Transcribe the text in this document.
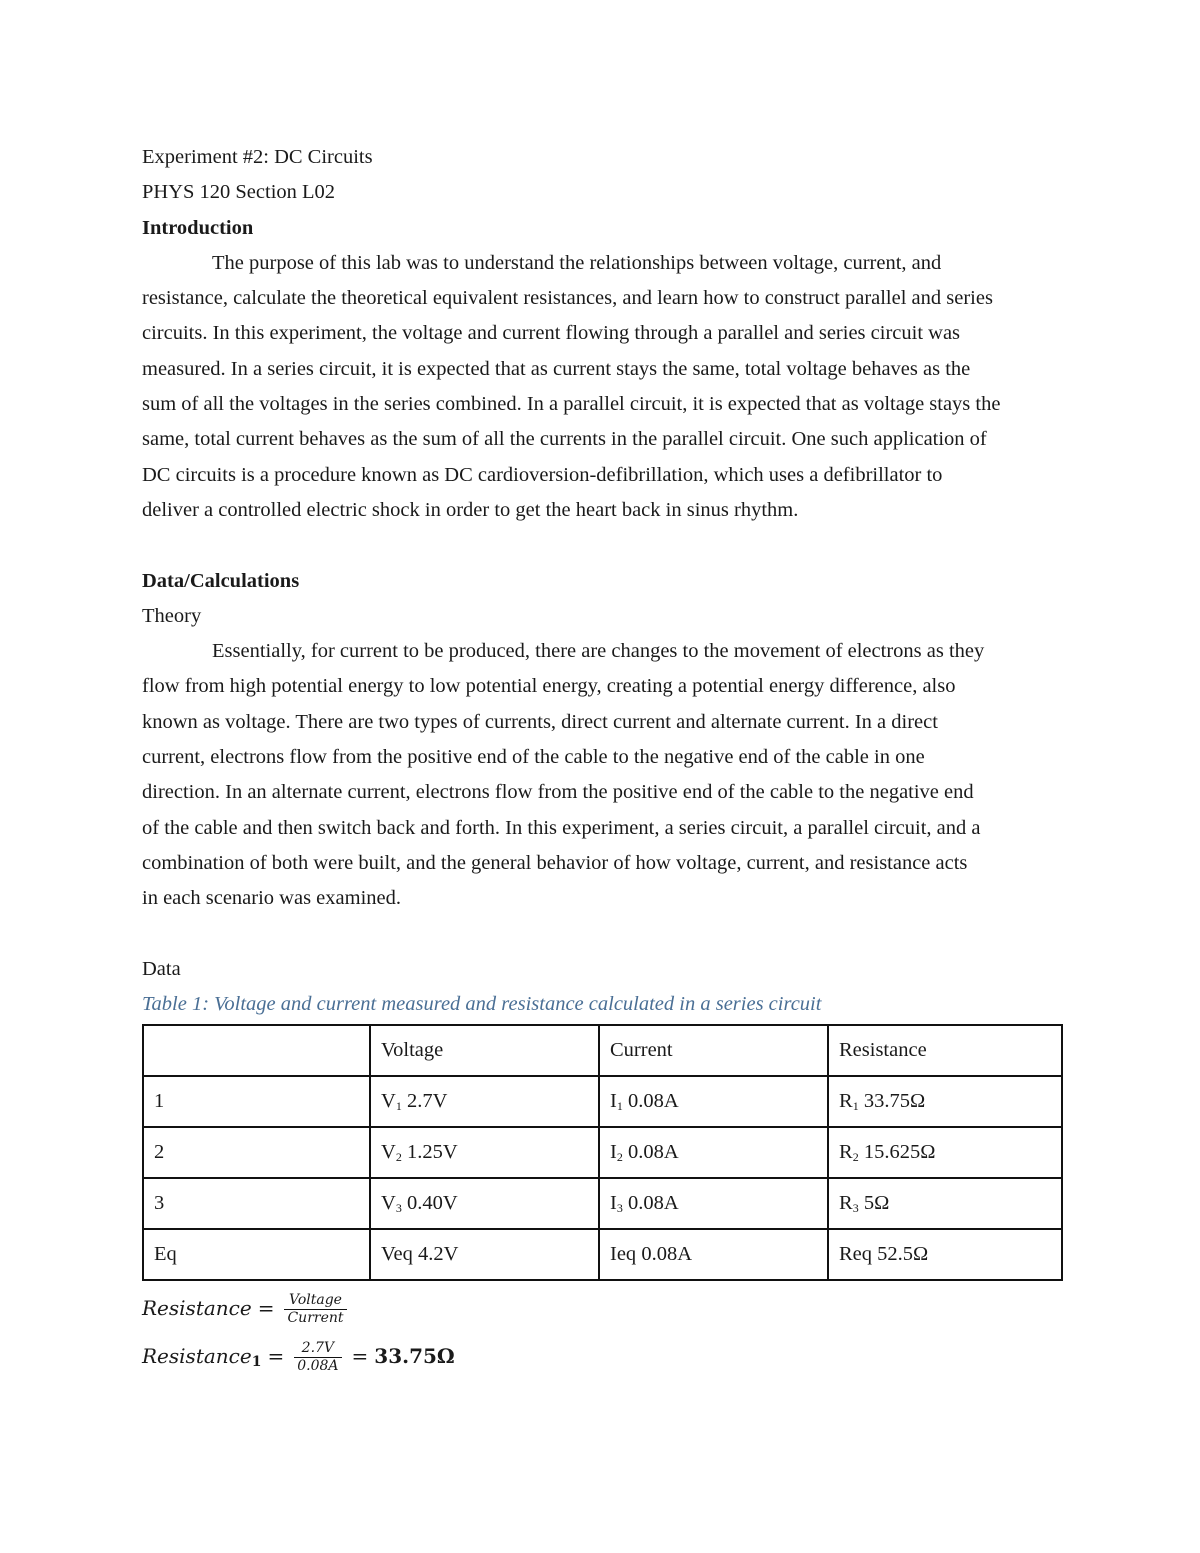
Experiment #2: DC Circuits

PHYS 120 Section L02

Introduction

The purpose of this lab was to understand the relationships between voltage, current, and
resistance, calculate the theoretical equivalent resistances, and learn how to construct parallel and series
circuits. In this experiment, the voltage and current flowing through a parallel and series circuit was
measured. In a series circuit, it is expected that as current stays the same, total voltage behaves as the
sum of all the voltages in the series combined. In a parallel circuit, it is expected that as voltage stays the
same, total current behaves as the sum of all the currents in the parallel circuit. One such application of
DC circuits is a procedure known as DC cardioversion-defibrillation, which uses a defibrillator to
deliver a controlled electric shock in order to get the heart back in sinus rhythm.

Data/Calculations

Theory

Essentially, for current to be produced, there are changes to the movement of electrons as they
flow from high potential energy to low potential energy, creating a potential energy difference, also
known as voltage. There are two types of currents, direct current and alternate current. In a direct
current, electrons flow from the positive end of the cable to the negative end of the cable in one
direction. In an alternate current, electrons flow from the positive end of the cable to the negative end
of the cable and then switch back and forth. In this experiment, a series circuit, a parallel circuit, and a
combination of both were built, and the general behavior of how voltage, current, and resistance acts
in each scenario was examined.

Data

Table 1: Voltage and current measured and resistance calculated in a series circuit

	Voltage	Current	Resistance
1	$V_1$ 2.7V	$I_1$ 0.08A	$R_1$ 33.75Ω
2	$V_2$ 1.25V	$I_2$ 0.08A	$R_2$ 15.625Ω
3	$V_3$ 0.40V	$I_3$ 0.08A	$R_3$ 5Ω
Eq	Veq 4.2V	Ieq 0.08A	Req 52.5Ω
Resistance = $\frac{\text{Voltage}}{\text{Current}}$
Resistance$_1$ = $\frac{2.7V}{0.08A} = 33.75\Omega$
